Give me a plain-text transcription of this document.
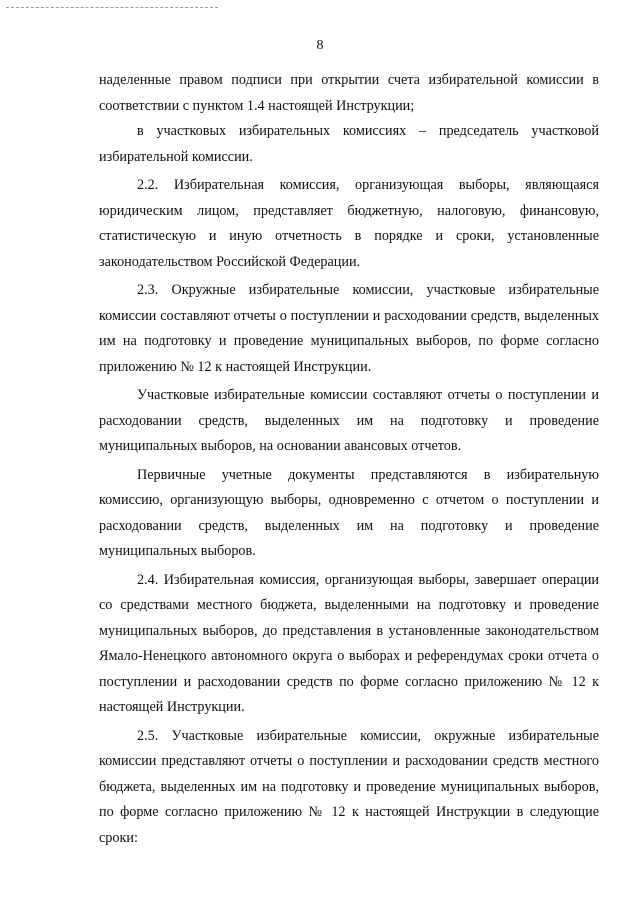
8

наделенные правом подписи при открытии счета избирательной комиссии в соответствии с пунктом 1.4 настоящей Инструкции;

в участковых избирательных комиссиях – председатель участковой избирательной комиссии.

2.2. Избирательная комиссия, организующая выборы, являющаяся юридическим лицом, представляет бюджетную, налоговую, финансовую, статистическую и иную отчетность в порядке и сроки, установленные законодательством Российской Федерации.

2.3. Окружные избирательные комиссии, участковые избирательные комиссии составляют отчеты о поступлении и расходовании средств, выделенных им на подготовку и проведение муниципальных выборов, по форме согласно приложению № 12 к настоящей Инструкции.

Участковые избирательные комиссии составляют отчеты о поступлении и расходовании средств, выделенных им на подготовку и проведение муниципальных выборов, на основании авансовых отчетов.

Первичные учетные документы представляются в избирательную комиссию, организующую выборы, одновременно с отчетом о поступлении и расходовании средств, выделенных им на подготовку и проведение муниципальных выборов.

2.4. Избирательная комиссия, организующая выборы, завершает операции со средствами местного бюджета, выделенными на подготовку и проведение муниципальных выборов, до представления в установленные законодательством Ямало-Ненецкого автономного округа о выборах и референдумах сроки отчета о поступлении и расходовании средств по форме согласно приложению № 12 к настоящей Инструкции.

2.5. Участковые избирательные комиссии, окружные избирательные комиссии представляют отчеты о поступлении и расходовании средств местного бюджета, выделенных им на подготовку и проведение муниципальных выборов, по форме согласно приложению № 12 к настоящей Инструкции в следующие сроки:
